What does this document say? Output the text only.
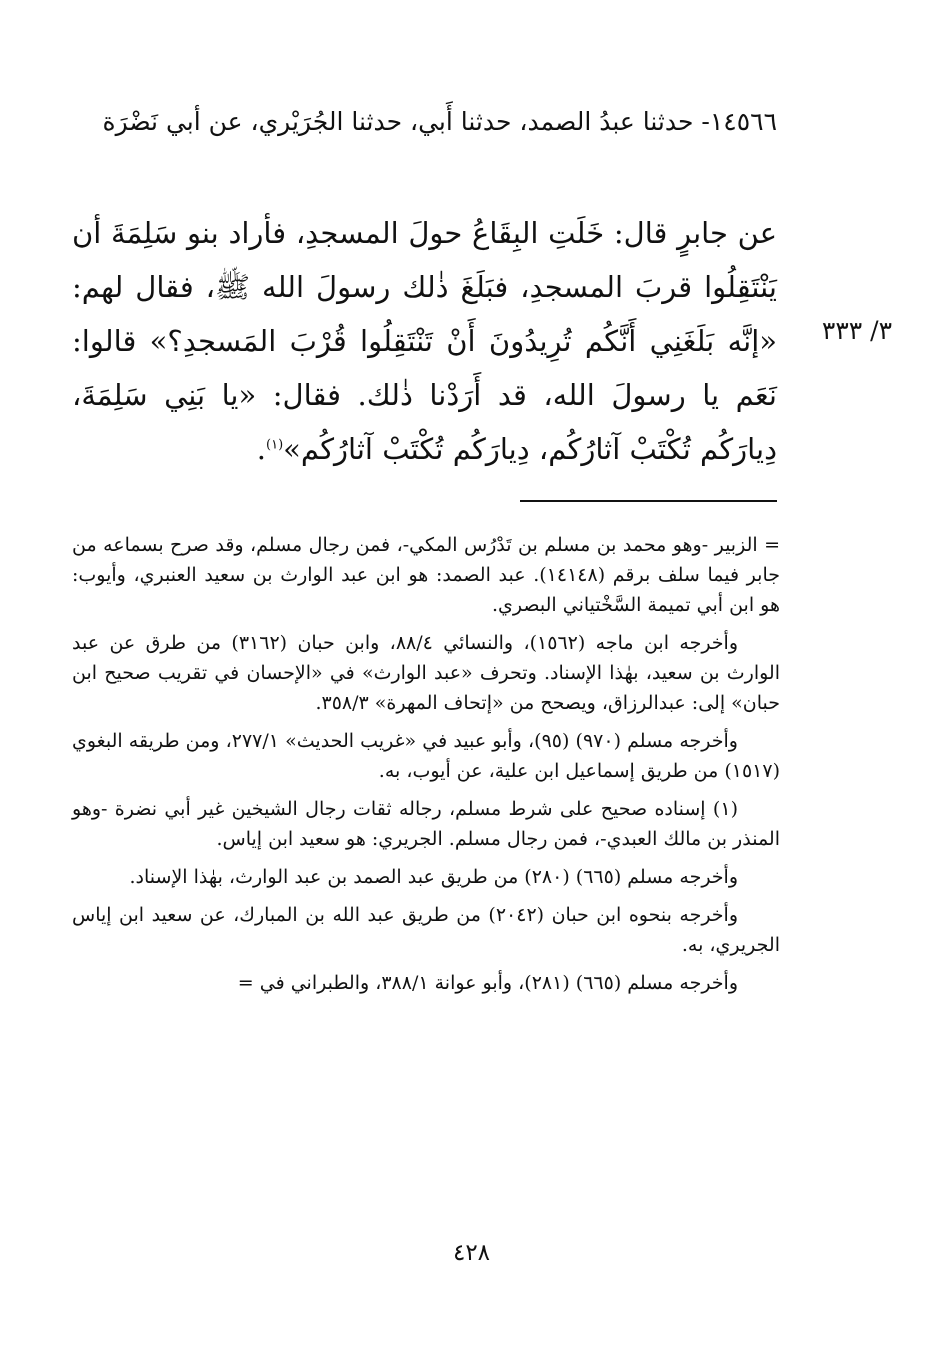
١٤٥٦٦- حدثنا عبدُ الصمد، حدثنا أَبي، حدثنا الجُرَيْري، عن أبي نَضْرَة
عن جابرٍ قال: خَلَتِ البِقَاعُ حولَ المسجدِ، فأراد بنو سَلِمَةَ أن يَنْتَقِلُوا قربَ المسجدِ، فبَلَغَ ذٰلك رسولَ الله ﷺ، فقال لهم: «إنَّه بَلَغَنِي أَنَّكُم تُرِيدُونَ أَنْ تَنْتَقِلُوا قُرْبَ المَسجدِ؟» قالوا: نَعَم يا رسولَ الله، قد أَرَدْنا ذٰلك. فقال: «يا بَنِي سَلِمَةَ، دِيارَكُم تُكْتَبْ آثارُكُم، دِيارَكُم تُكْتَبْ آثارُكُم»$^{(١)}$.
٣/ ٣٣٣

= الزبير -وهو محمد بن مسلم بن تَدْرُس المكي-، فمن رجال مسلم، وقد صرح بسماعه من جابر فيما سلف برقم (١٤١٤٨). عبد الصمد: هو ابن عبد الوارث بن سعيد العنبري، وأيوب: هو ابن أبي تميمة السَّخْتياني البصري.

وأخرجه ابن ماجه (١٥٦٢)، والنسائي ٨٨/٤، وابن حبان (٣١٦٢) من طرق عن عبد الوارث بن سعيد، بهٰذا الإسناد. وتحرف «عبد الوارث» في «الإحسان في تقريب صحيح ابن حبان» إلى: عبدالرزاق، ويصحح من «إتحاف المهرة» ٣٥٨/٣.

وأخرجه مسلم (٩٧٠) (٩٥)، وأبو عبيد في «غريب الحديث» ٢٧٧/١، ومن طريقه البغوي (١٥١٧) من طريق إسماعيل ابن علية، عن أيوب، به.

(١) إسناده صحيح على شرط مسلم، رجاله ثقات رجال الشيخين غير أبي نضرة -وهو المنذر بن مالك العبدي-، فمن رجال مسلم. الجريري: هو سعيد ابن إياس.

وأخرجه مسلم (٦٦٥) (٢٨٠) من طريق عبد الصمد بن عبد الوارث، بهٰذا الإسناد.

وأخرجه بنحوه ابن حبان (٢٠٤٢) من طريق عبد الله بن المبارك، عن سعيد ابن إياس الجريري، به.

وأخرجه مسلم (٦٦٥) (٢٨١)، وأبو عوانة ٣٨٨/١، والطبراني في =

٤٢٨
